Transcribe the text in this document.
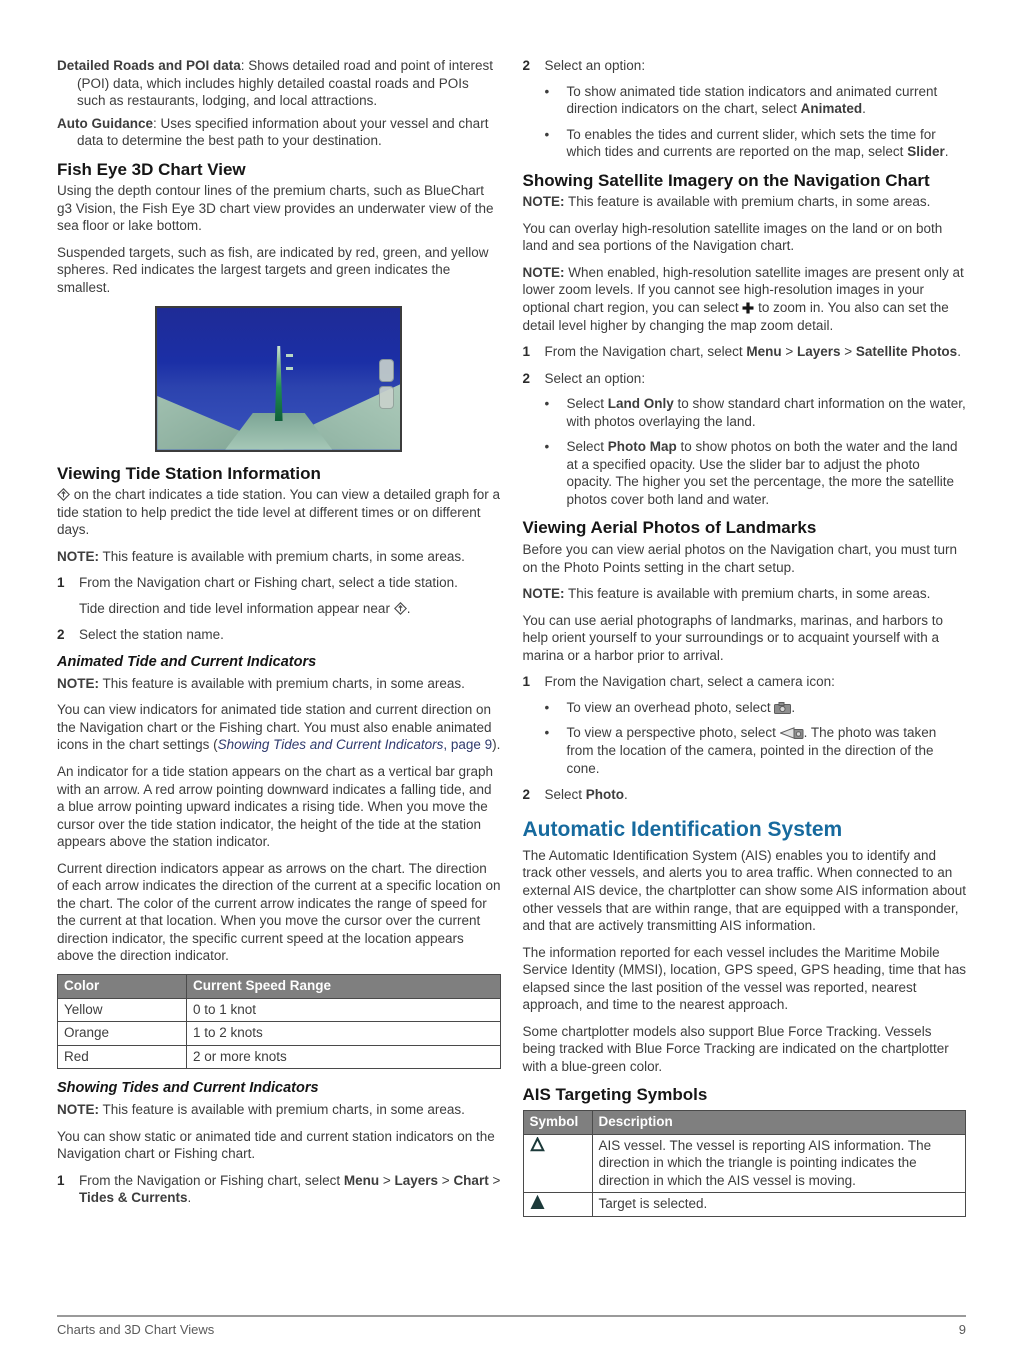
Detailed Roads and POI data: Shows detailed road and point of interest (POI) data, which includes highly detailed coastal roads and POIs such as restaurants, lodging, and local attractions.
Auto Guidance: Uses specified information about your vessel and chart data to determine the best path to your destination.
Fish Eye 3D Chart View

Using the depth contour lines of the premium charts, such as BlueChart g3 Vision, the Fish Eye 3D chart view provides an underwater view of the sea floor or lake bottom.

Suspended targets, such as fish, are indicated by red, green, and yellow spheres. Red indicates the largest targets and green indicates the smallest.

Viewing Tide Station Information

on the chart indicates a tide station. You can view a detailed graph for a tide station to help predict the tide level at different times or on different days.

NOTE: This feature is available with premium charts, in some areas.

1	From the Navigation chart or Fishing chart, select a tide station.
Tide direction and tide level information appear near .
2	Select the station name.
Animated Tide and Current Indicators

NOTE: This feature is available with premium charts, in some areas.

You can view indicators for animated tide station and current direction on the Navigation chart or the Fishing chart. You must also enable animated icons in the chart settings (Showing Tides and Current Indicators, page 9).

An indicator for a tide station appears on the chart as a vertical bar graph with an arrow. A red arrow pointing downward indicates a falling tide, and a blue arrow pointing upward indicates a rising tide. When you move the cursor over the tide station indicator, the height of the tide at the station appears above the station indicator.

Current direction indicators appear as arrows on the chart. The direction of each arrow indicates the direction of the current at a specific location on the chart. The color of the current arrow indicates the range of speed for the current at that location. When you move the cursor over the current direction indicator, the specific current speed at the location appears above the direction indicator.

Color	Current Speed Range
Yellow	0 to 1 knot
Orange	1 to 2 knots
Red	2 or more knots
Showing Tides and Current Indicators

NOTE: This feature is available with premium charts, in some areas.

You can show static or animated tide and current station indicators on the Navigation chart or Fishing chart.

1	From the Navigation or Fishing chart, select Menu > Layers > Chart > Tides & Currents.
2	Select an option:
•	To show animated tide station indicators and animated current direction indicators on the chart, select Animated.
•	To enables the tides and current slider, which sets the time for which tides and currents are reported on the map, select Slider.
Showing Satellite Imagery on the Navigation Chart

NOTE: This feature is available with premium charts, in some areas.

You can overlay high-resolution satellite images on the land or on both land and sea portions of the Navigation chart.

NOTE: When enabled, high-resolution satellite images are present only at lower zoom levels. If you cannot see high-resolution images in your optional chart region, you can select  to zoom in. You also can set the detail level higher by changing the map zoom detail.

1	From the Navigation chart, select Menu > Layers > Satellite Photos.
2	Select an option:
•	Select Land Only to show standard chart information on the water, with photos overlaying the land.
•	Select Photo Map to show photos on both the water and the land at a specified opacity. Use the slider bar to adjust the photo opacity. The higher you set the percentage, the more the satellite photos cover both land and water.
Viewing Aerial Photos of Landmarks

Before you can view aerial photos on the Navigation chart, you must turn on the Photo Points setting in the chart setup.

NOTE: This feature is available with premium charts, in some areas.

You can use aerial photographs of landmarks, marinas, and harbors to help orient yourself to your surroundings or to acquaint yourself with a marina or a harbor prior to arrival.

1	From the Navigation chart, select a camera icon:
•	To view an overhead photo, select .
•	To view a perspective photo, select . The photo was taken from the location of the camera, pointed in the direction of the cone.
2	Select Photo.
Automatic Identification System

The Automatic Identification System (AIS) enables you to identify and track other vessels, and alerts you to area traffic. When connected to an external AIS device, the chartplotter can show some AIS information about other vessels that are within range, that are equipped with a transponder, and that are actively transmitting AIS information.

The information reported for each vessel includes the Maritime Mobile Service Identity (MMSI), location, GPS speed, GPS heading, time that has elapsed since the last position of the vessel was reported, nearest approach, and time to the nearest approach.

Some chartplotter models also support Blue Force Tracking. Vessels being tracked with Blue Force Tracking are indicated on the chartplotter with a blue-green color.

AIS Targeting Symbols
Symbol	Description
	AIS vessel. The vessel is reporting AIS information. The direction in which the triangle is pointing indicates the direction in which the AIS vessel is moving.
	Target is selected.
Charts and 3D Chart Views	9
